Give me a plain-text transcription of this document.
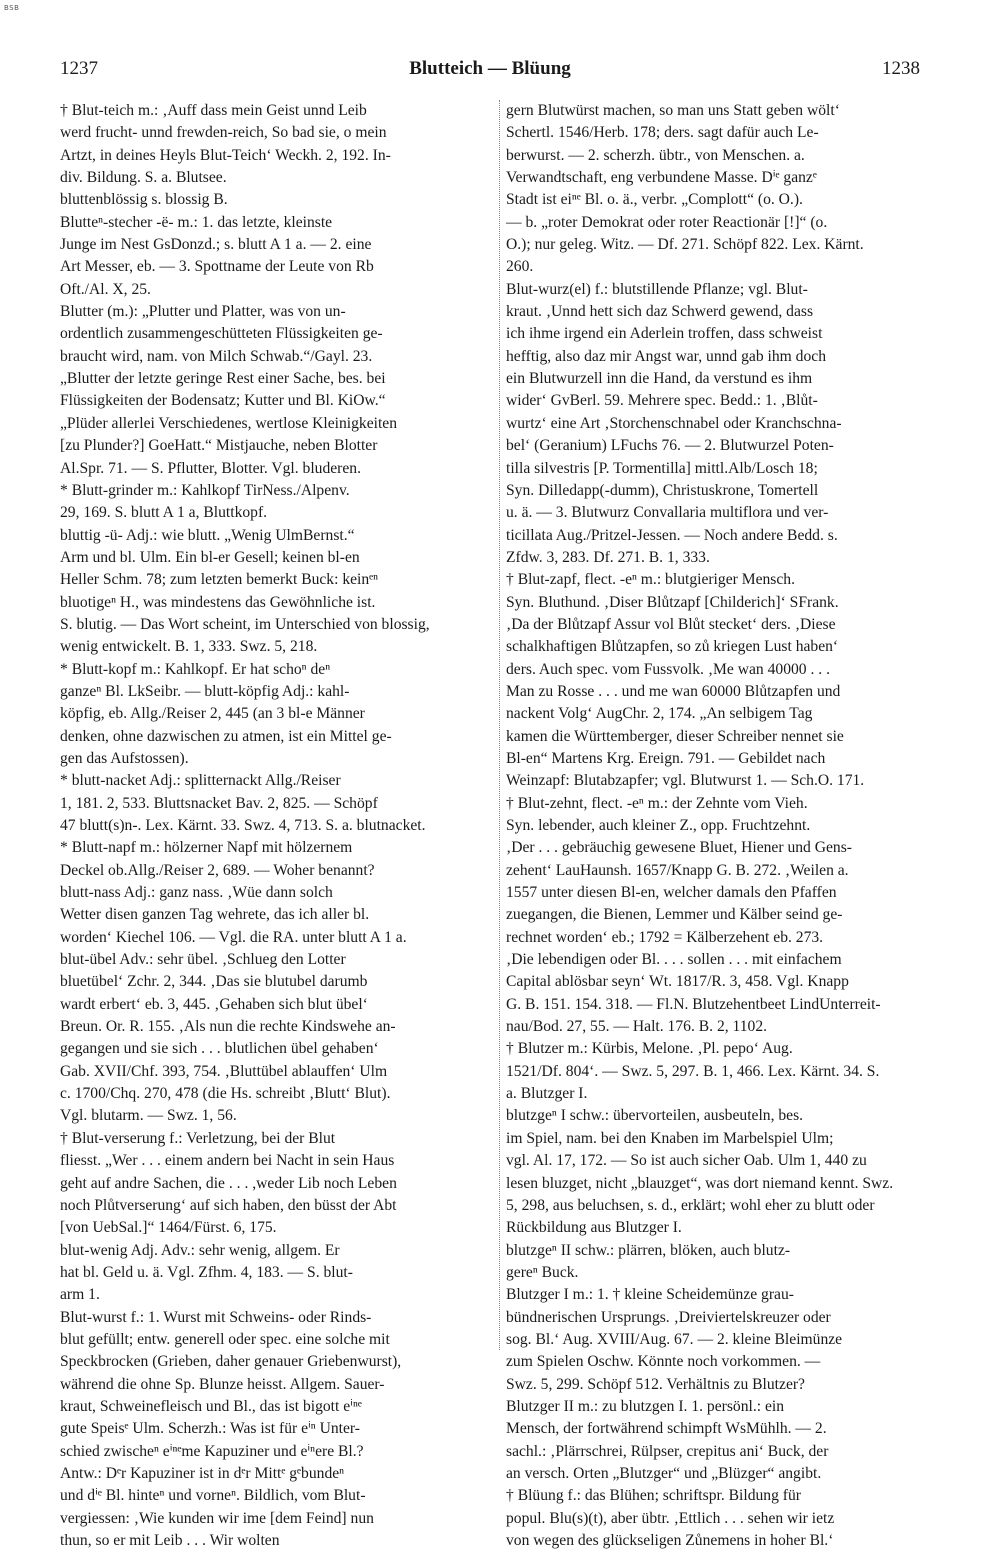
BSB
1237	Blutteich — Blüung	1238
† Blut-teich m.: ‚Auff dass mein Geist unnd Leib
werd frucht- unnd frewden-reich, So bad sie, o mein
Artzt, in deines Heyls Blut-Teich‘ Weckh. 2, 192. In-
div. Bildung. S. a. Blutsee.
bluttenblössig s. blossig B.
Blutteⁿ-stecher -ë- m.: 1. das letzte, kleinste
Junge im Nest GsDonzd.; s. blutt A 1 a. — 2. eine
Art Messer, eb. — 3. Spottname der Leute von Rb
Oft./Al. X, 25.
Blutter (m.): „Plutter und Platter, was von un-
ordentlich zusammengeschütteten Flüssigkeiten ge-
braucht wird, nam. von Milch Schwab.“/Gayl. 23.
„Blutter der letzte geringe Rest einer Sache, bes. bei
Flüssigkeiten der Bodensatz; Kutter und Bl. KiOw.“
„Plüder allerlei Verschiedenes, wertlose Kleinigkeiten
[zu Plunder?] GoeHatt.“ Mistjauche, neben Blotter
Al.Spr. 71. — S. Pflutter, Blotter. Vgl. bluderen.
* Blutt-grinder m.: Kahlkopf TirNess./Alpenv.
29, 169. S. blutt A 1 a, Bluttkopf.
bluttig -ü- Adj.: wie blutt. „Wenig UlmBernst.“
Arm und bl. Ulm. Ein bl-er Gesell; keinen bl-en
Heller Schm. 78; zum letzten bemerkt Buck: keinᵉⁿ
bluotigeⁿ H., was mindestens das Gewöhnliche ist.
S. blutig. — Das Wort scheint, im Unterschied von blossig,
wenig entwickelt. B. 1, 333. Swz. 5, 218.
* Blutt-kopf m.: Kahlkopf. Er hat schoⁿ deⁿ
ganzeⁿ Bl. LkSeibr. — blutt-köpfig Adj.: kahl-
köpfig, eb. Allg./Reiser 2, 445 (an 3 bl-e Männer
denken, ohne dazwischen zu atmen, ist ein Mittel ge-
gen das Aufstossen).
* blutt-nacket Adj.: splitternackt Allg./Reiser
1, 181. 2, 533. Bluttsnacket Bav. 2, 825. — Schöpf
47 blutt(s)n-. Lex. Kärnt. 33. Swz. 4, 713. S. a. blutnacket.
* Blutt-napf m.: hölzerner Napf mit hölzernem
Deckel ob.Allg./Reiser 2, 689. — Woher benannt?
blutt-nass Adj.: ganz nass. ‚Wüe dann solch
Wetter disen ganzen Tag wehrete, das ich aller bl.
worden‘ Kiechel 106. — Vgl. die RA. unter blutt A 1 a.
blut-übel Adv.: sehr übel. ‚Schlueg den Lotter
bluetübel‘ Zchr. 2, 344. ‚Das sie blutubel darumb
wardt erbert‘ eb. 3, 445. ‚Gehaben sich blut übel‘
Breun. Or. R. 155. ‚Als nun die rechte Kindswehe an-
gegangen und sie sich . . . blutlichen übel gehaben‘
Gab. XVII/Chf. 393, 754. ‚Bluttübel ablauffen‘ Ulm
c. 1700/Chq. 270, 478 (die Hs. schreibt ‚Blutt‘ Blut).
Vgl. blutarm. — Swz. 1, 56.
† Blut-verserung f.: Verletzung, bei der Blut
fliesst. „Wer . . . einem andern bei Nacht in sein Haus
geht auf andre Sachen, die . . . ,weder Lib noch Leben
noch Plůtverserung‘ auf sich haben, den büsst der Abt
[von UebSal.]“ 1464/Fürst. 6, 175.
blut-wenig Adj. Adv.: sehr wenig, allgem. Er
hat bl. Geld u. ä. Vgl. Zfhm. 4, 183. — S. blut-
arm 1.
Blut-wurst f.: 1. Wurst mit Schweins- oder Rinds-
blut gefüllt; entw. generell oder spec. eine solche mit
Speckbrocken (Grieben, daher genauer Griebenwurst),
während die ohne Sp. Blunze heisst. Allgem. Sauer-
kraut, Schweinefleisch und Bl., das ist bigott eⁱⁿᵉ
gute Speisᵉ Ulm. Scherzh.: Was ist für eⁱⁿ Unter-
schied zwischeⁿ eⁱⁿᵉme Kapuziner und eⁱⁿere Bl.?
Antw.: Dᵉr Kapuziner ist in dᵉr Mittᵉ gᵉbundeⁿ
und dⁱᵉ Bl. hinteⁿ und vorneⁿ. Bildlich, vom Blut-
vergiessen: ‚Wie kunden wir ime [dem Feind] nun
thun, so er mit Leib . . . Wir wolten
gern Blutwürst machen, so man uns Statt geben wölt‘
Schertl. 1546/Herb. 178; ders. sagt dafür auch Le-
berwurst. — 2. scherzh. übtr., von Menschen. a.
Verwandtschaft, eng verbundene Masse. Dⁱᵉ ganzᵉ
Stadt ist eiⁿᵉ Bl. o. ä., verbr. „Complott“ (o. O.).
— b. „roter Demokrat oder roter Reactionär [!]“ (o.
O.); nur geleg. Witz. — Df. 271. Schöpf 822. Lex. Kärnt.
260.
Blut-wurz(el) f.: blutstillende Pflanze; vgl. Blut-
kraut. ‚Unnd hett sich daz Schwerd gewend, dass
ich ihme irgend ein Aderlein troffen, dass schweist
hefftig, also daz mir Angst war, unnd gab ihm doch
ein Blutwurzell inn die Hand, da verstund es ihm
wider‘ GvBerl. 59. Mehrere spec. Bedd.: 1. ‚Blůt-
wurtz‘ eine Art ‚Storchenschnabel oder Kranchschna-
bel‘ (Geranium) LFuchs 76. — 2. Blutwurzel Poten-
tilla silvestris [P. Tormentilla] mittl.Alb/Losch 18;
Syn. Dilledapp(-dumm), Christuskrone, Tomertell
u. ä. — 3. Blutwurz Convallaria multiflora und ver-
ticillata Aug./Pritzel-Jessen. — Noch andere Bedd. s.
Zfdw. 3, 283. Df. 271. B. 1, 333.
† Blut-zapf, flect. -eⁿ m.: blutgieriger Mensch.
Syn. Bluthund. ‚Diser Blůtzapf [Childerich]‘ SFrank.
‚Da der Blůtzapf Assur vol Blůt stecket‘ ders. ‚Diese
schalkhaftigen Blůtzapfen, so zů kriegen Lust haben‘
ders. Auch spec. vom Fussvolk. ‚Me wan 40000 . . .
Man zu Rosse . . . und me wan 60000 Blůtzapfen und
nackent Volg‘ AugChr. 2, 174. „An selbigem Tag
kamen die Württemberger, dieser Schreiber nennet sie
Bl-en“ Martens Krg. Ereign. 791. — Gebildet nach
Weinzapf: Blutabzapfer; vgl. Blutwurst 1. — Sch.O. 171.
† Blut-zehnt, flect. -eⁿ m.: der Zehnte vom Vieh.
Syn. lebender, auch kleiner Z., opp. Fruchtzehnt.
‚Der . . . gebräuchig gewesene Bluet, Hiener und Gens-
zehent‘ LauHaunsh. 1657/Knapp G. B. 272. ‚Weilen a.
1557 unter diesen Bl-en, welcher damals den Pfaffen
zuegangen, die Bienen, Lemmer und Kälber seind ge-
rechnet worden‘ eb.; 1792 = Kälberzehent eb. 273.
‚Die lebendigen oder Bl. . . . sollen . . . mit einfachem
Capital ablösbar seyn‘ Wt. 1817/R. 3, 458. Vgl. Knapp
G. B. 151. 154. 318. — Fl.N. Blutzehentbeet LindUnterreit-
nau/Bod. 27, 55. — Halt. 176. B. 2, 1102.
† Blutzer m.: Kürbis, Melone. ‚Pl. pepo‘ Aug.
1521/Df. 804‘. — Swz. 5, 297. B. 1, 466. Lex. Kärnt. 34. S.
a. Blutzger I.
blutzgeⁿ I schw.: übervorteilen, ausbeuteln, bes.
im Spiel, nam. bei den Knaben im Marbelspiel Ulm;
vgl. Al. 17, 172. — So ist auch sicher Oab. Ulm 1, 440 zu
lesen bluzget, nicht „blauzget“, was dort niemand kennt. Swz.
5, 298, aus beluchsen, s. d., erklärt; wohl eher zu blutt oder
Rückbildung aus Blutzger I.
blutzgeⁿ II schw.: plärren, blöken, auch blutz-
gereⁿ Buck.
Blutzger I m.: 1. † kleine Scheidemünze grau-
bündnerischen Ursprungs. ‚Dreiviertelskreuzer oder
sog. Bl.‘ Aug. XVIII/Aug. 67. — 2. kleine Bleimünze
zum Spielen Oschw. Könnte noch vorkommen. —
Swz. 5, 299. Schöpf 512. Verhältnis zu Blutzer?
Blutzger II m.: zu blutzgen I. 1. persönl.: ein
Mensch, der fortwährend schimpft WsMühlh. — 2.
sachl.: ‚Plärrschrei, Rülpser, crepitus ani‘ Buck, der
an versch. Orten „Blutzger“ und „Blüzger“ angibt.
† Blüung f.: das Blühen; schriftspr. Bildung für
popul. Blu(s)(t), aber übtr. ‚Ettlich . . . sehen wir ietz
von wegen des glückseligen Zůnemens in hoher Bl.‘
